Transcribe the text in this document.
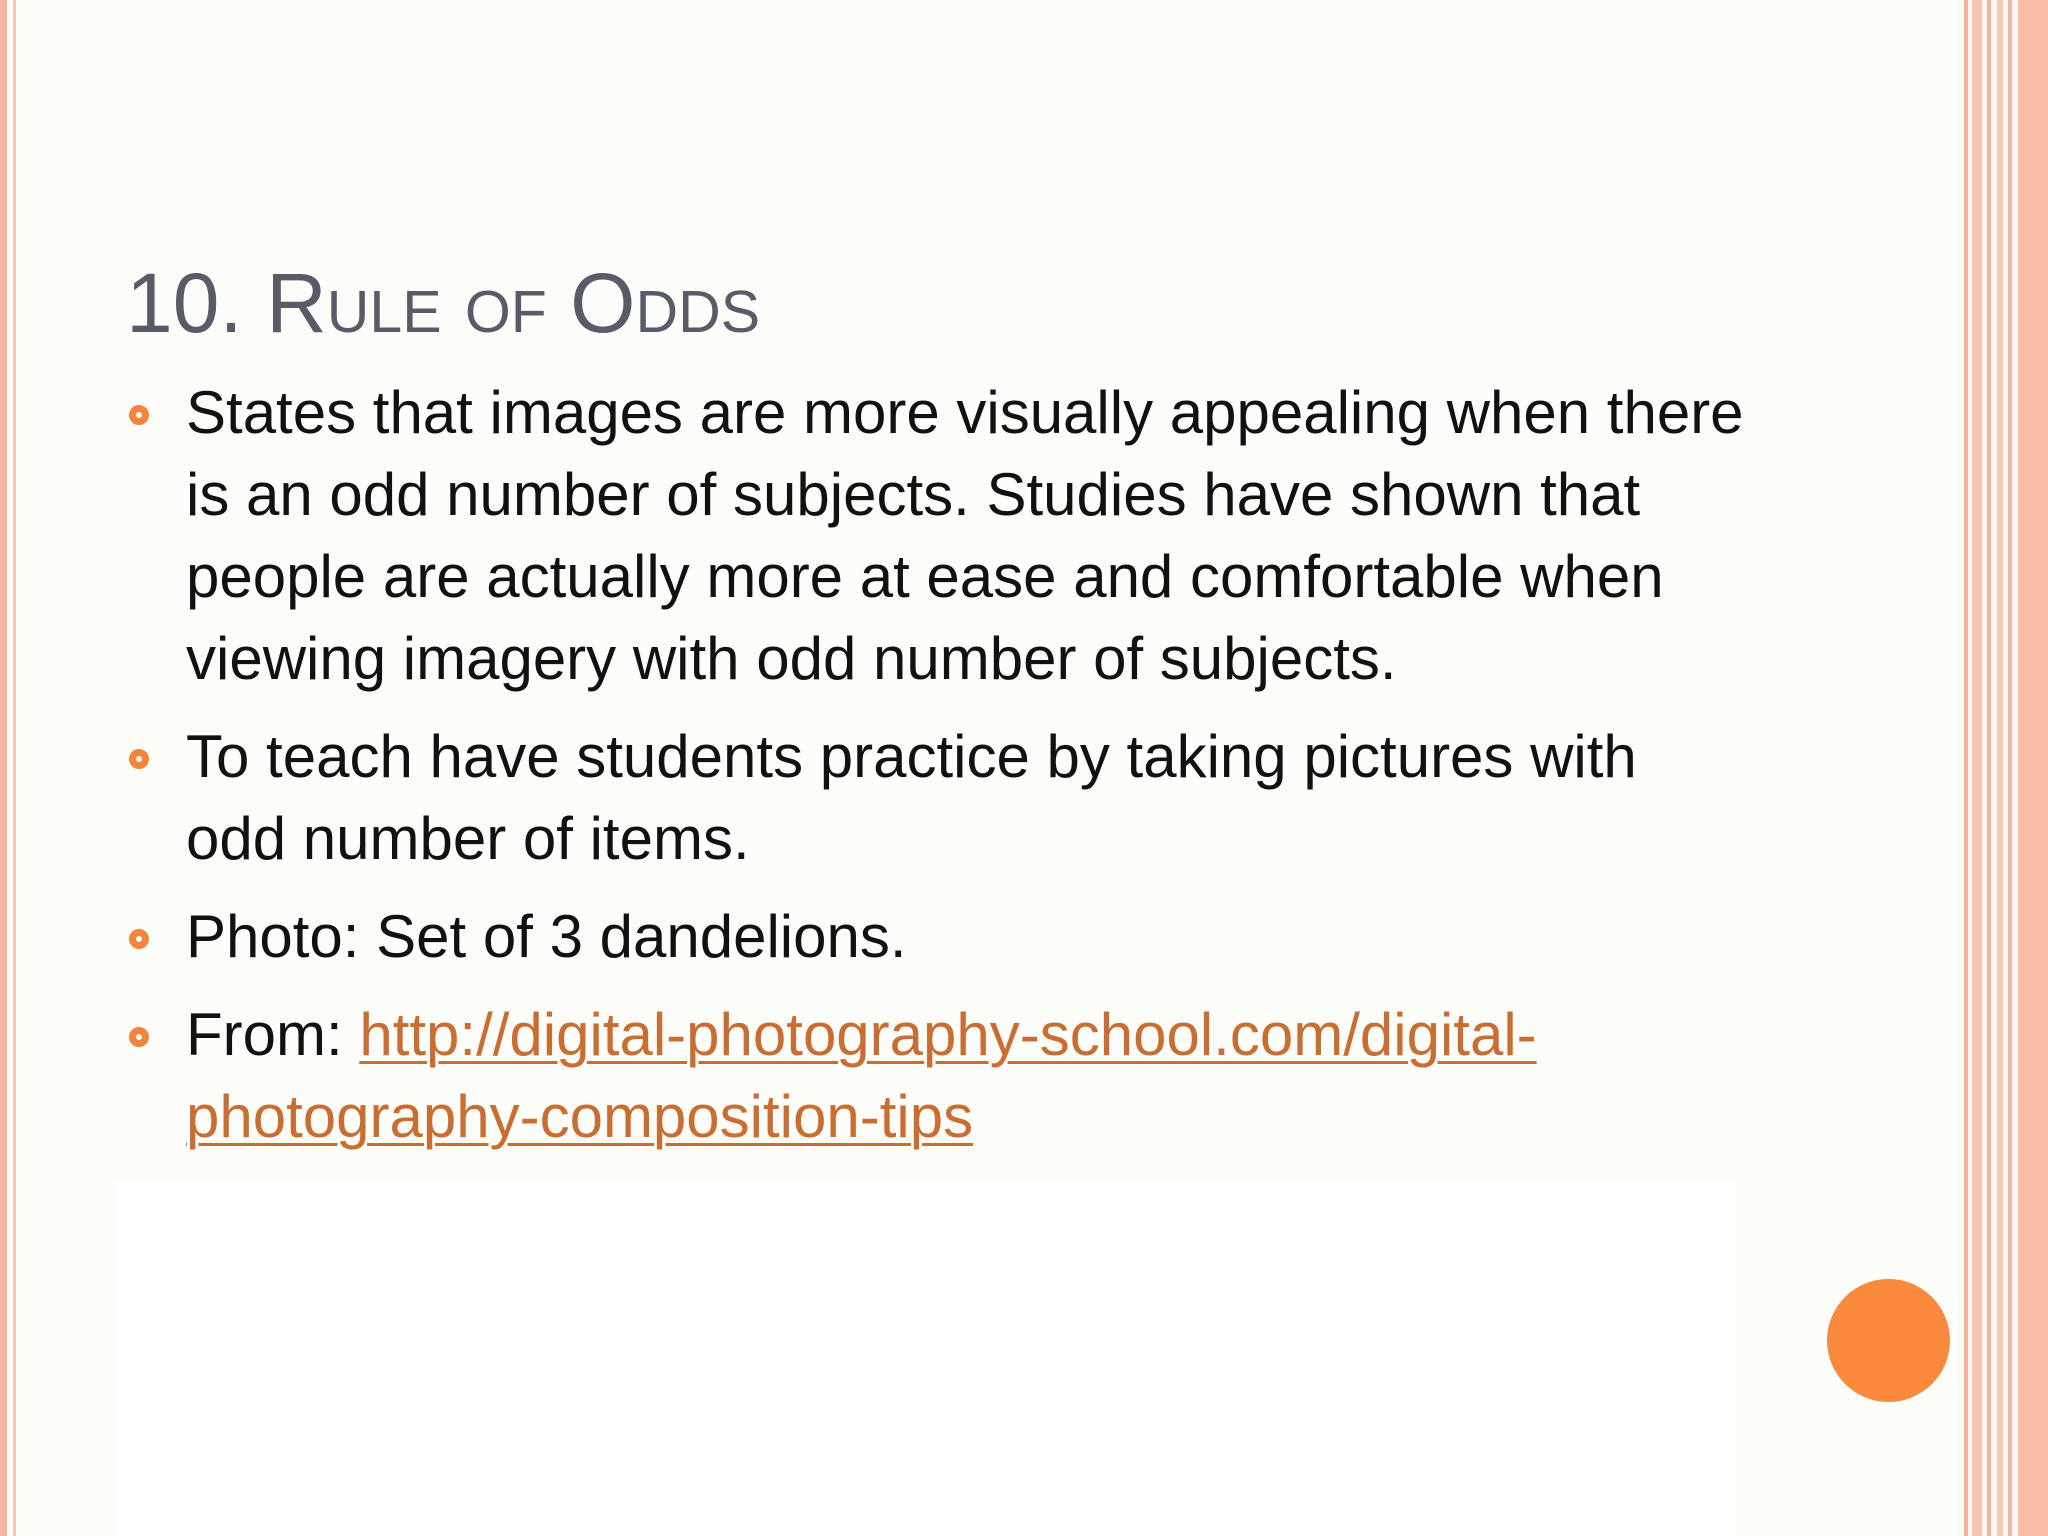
10. Rule of Odds
States that images are more visually appealing when there is an odd number of subjects. Studies have shown that people are actually more at ease and comfortable when viewing imagery with odd number of subjects.
To teach have students practice by taking pictures with odd number of items.
Photo: Set of 3 dandelions.
From: http://digital-photography-school.com/digital-photography-composition-tips
